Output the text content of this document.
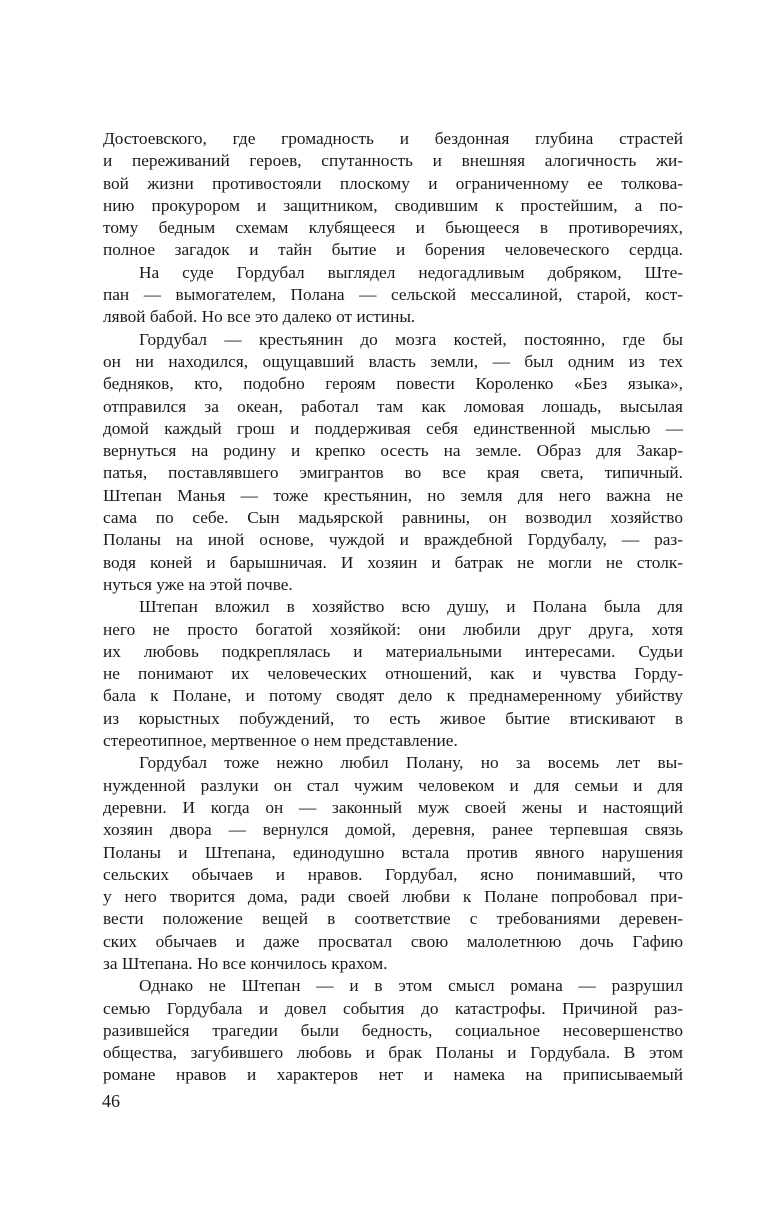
Достоевского, где громадность и бездонная глубина страстей
и переживаний героев, спутанность и внешняя алогичность жи-
вой жизни противостояли плоскому и ограниченному ее толкова-
нию прокурором и защитником, сводившим к простейшим, а по-
тому бедным схемам клубящееся и бьющееся в противоречиях,
полное загадок и тайн бытие и борения человеческого сердца.
На суде Гордубал выглядел недогадливым добряком, Ште-
пан — вымогателем, Полана — сельской мессалиной, старой, кост-
лявой бабой. Но все это далеко от истины.
Гордубал — крестьянин до мозга костей, постоянно, где бы
он ни находился, ощущавший власть земли, — был одним из тех
бедняков, кто, подобно героям повести Короленко «Без языка»,
отправился за океан, работал там как ломовая лошадь, высылая
домой каждый грош и поддерживая себя единственной мыслью —
вернуться на родину и крепко осесть на земле. Образ для Закар-
патья, поставлявшего эмигрантов во все края света, типичный.
Штепан Манья — тоже крестьянин, но земля для него важна не
сама по себе. Сын мадьярской равнины, он возводил хозяйство
Поланы на иной основе, чуждой и враждебной Гордубалу, — раз-
водя коней и барышничая. И хозяин и батрак не могли не столк-
нуться уже на этой почве.
Штепан вложил в хозяйство всю душу, и Полана была для
него не просто богатой хозяйкой: они любили друг друга, хотя
их любовь подкреплялась и материальными интересами. Судьи
не понимают их человеческих отношений, как и чувства Горду-
бала к Полане, и потому сводят дело к преднамеренному убийству
из корыстных побуждений, то есть живое бытие втискивают в
стереотипное, мертвенное о нем представление.
Гордубал тоже нежно любил Полану, но за восемь лет вы-
нужденной разлуки он стал чужим человеком и для семьи и для
деревни. И когда он — законный муж своей жены и настоящий
хозяин двора — вернулся домой, деревня, ранее терпевшая связь
Поланы и Штепана, единодушно встала против явного нарушения
сельских обычаев и нравов. Гордубал, ясно понимавший, что
у него творится дома, ради своей любви к Полане попробовал при-
вести положение вещей в соответствие с требованиями деревен-
ских обычаев и даже просватал свою малолетнюю дочь Гафию
за Штепана. Но все кончилось крахом.
Однако не Штепан — и в этом смысл романа — разрушил
семью Гордубала и довел события до катастрофы. Причиной раз-
разившейся трагедии были бедность, социальное несовершенство
общества, загубившего любовь и брак Поланы и Гордубала. В этом
романе нравов и характеров нет и намека на приписываемый
46
